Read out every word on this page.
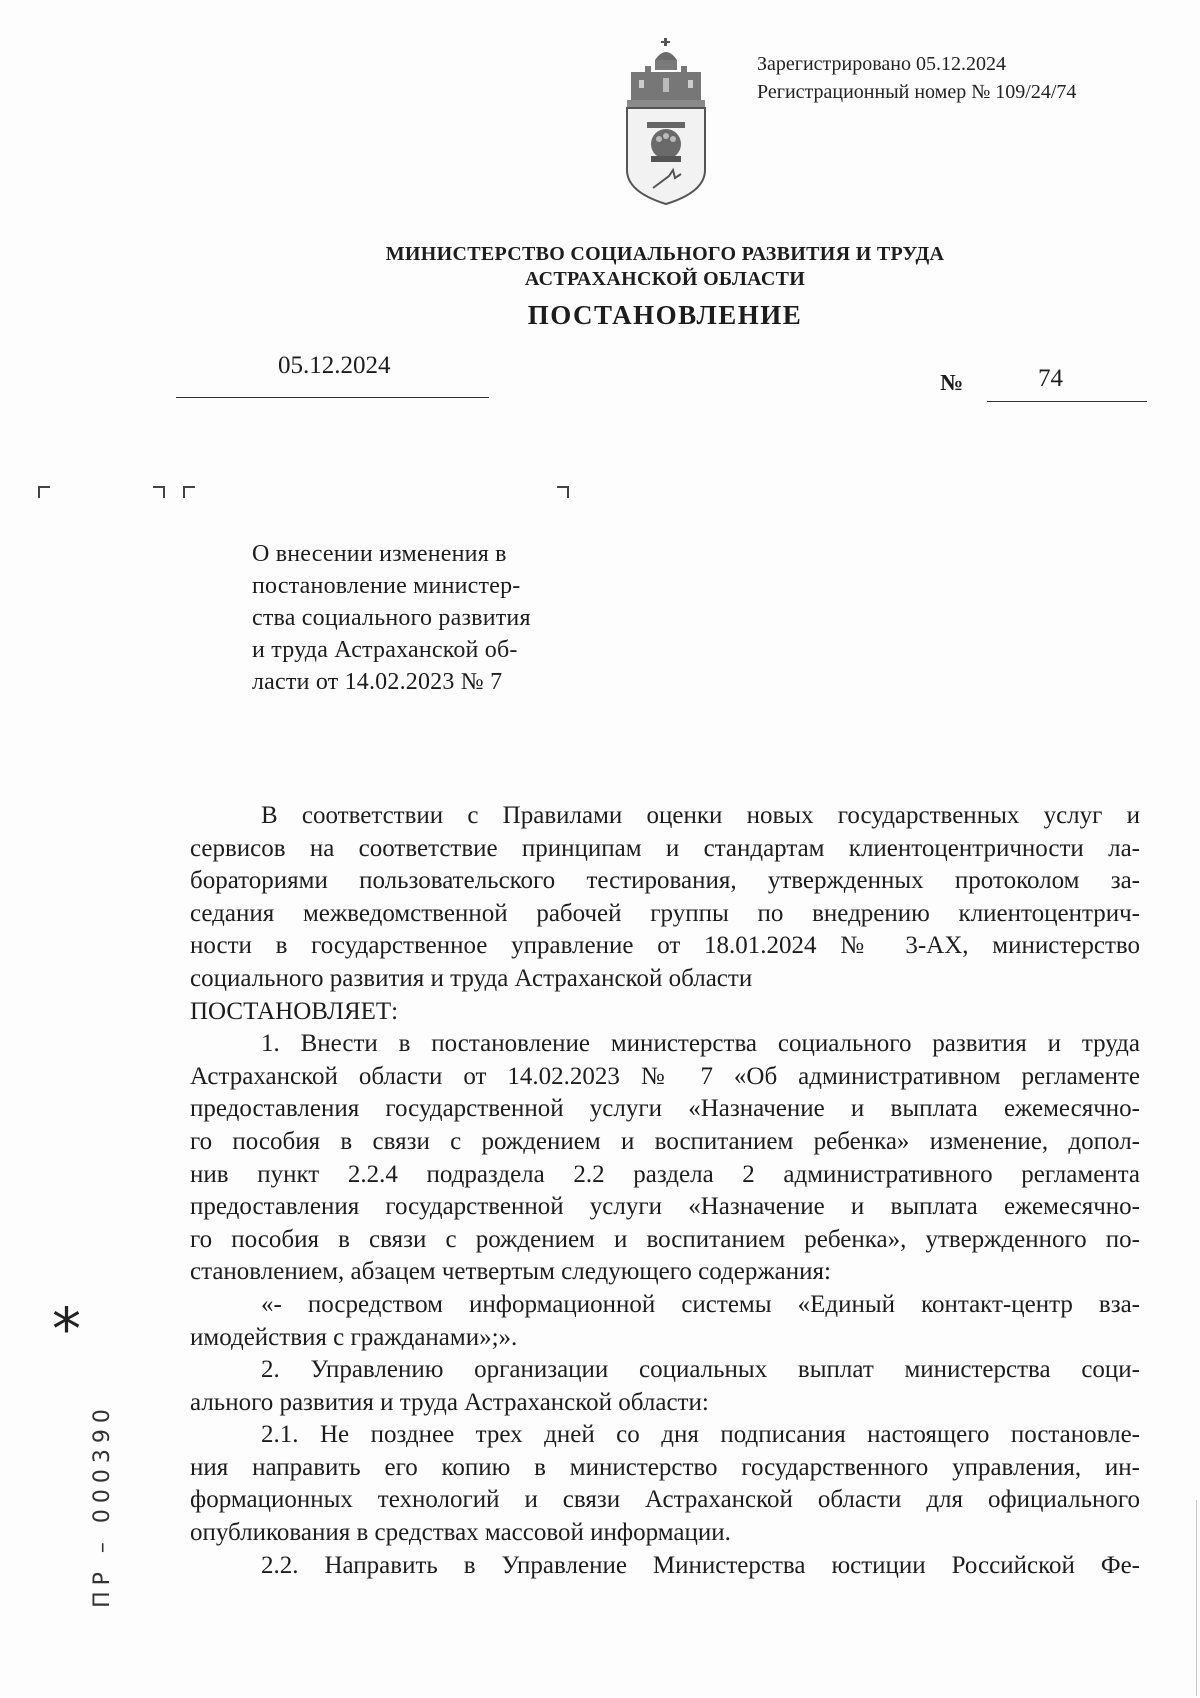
Зарегистрировано 05.12.2024
Регистрационный номер № 109/24/74
МИНИСТЕРСТВО СОЦИАЛЬНОГО РАЗВИТИЯ И ТРУДА
АСТРАХАНСКОЙ ОБЛАСТИ
ПОСТАНОВЛЕНИЕ
05.12.2024
№	74
О внесении изменения в
постановление министер-
ства социального развития
и труда Астраханской об-
ласти от 14.02.2023 № 7

В соответствии с Правилами оценки новых государственных услуг и

сервисов на соответствие принципам и стандартам клиентоцентричности ла-

бораториями пользовательского тестирования, утвержденных протоколом за-

седания межведомственной рабочей группы по внедрению клиентоцентрич-

ности в государственное управление от 18.01.2024 № 3-АХ, министерство

социального развития и труда Астраханской области

ПОСТАНОВЛЯЕТ:

1. Внести в постановление министерства социального развития и труда

Астраханской области от 14.02.2023 № 7 «Об административном регламенте

предоставления государственной услуги «Назначение и выплата ежемесячно-

го пособия в связи с рождением и воспитанием ребенка» изменение, допол-

нив пункт 2.2.4 подраздела 2.2 раздела 2 административного регламента

предоставления государственной услуги «Назначение и выплата ежемесячно-

го пособия в связи с рождением и воспитанием ребенка», утвержденного по-

становлением, абзацем четвертым следующего содержания:

«- посредством информационной системы «Единый контакт-центр вза-

имодействия с гражданами»;».

2. Управлению организации социальных выплат министерства соци-

ального развития и труда Астраханской области:

2.1. Не позднее трех дней со дня подписания настоящего постановле-

ния направить его копию в министерство государственного управления, ин-

формационных технологий и связи Астраханской области для официального

опубликования в средствах массовой информации.

2.2. Направить в Управление Министерства юстиции Российской Фе-

*
ПР – 000390
